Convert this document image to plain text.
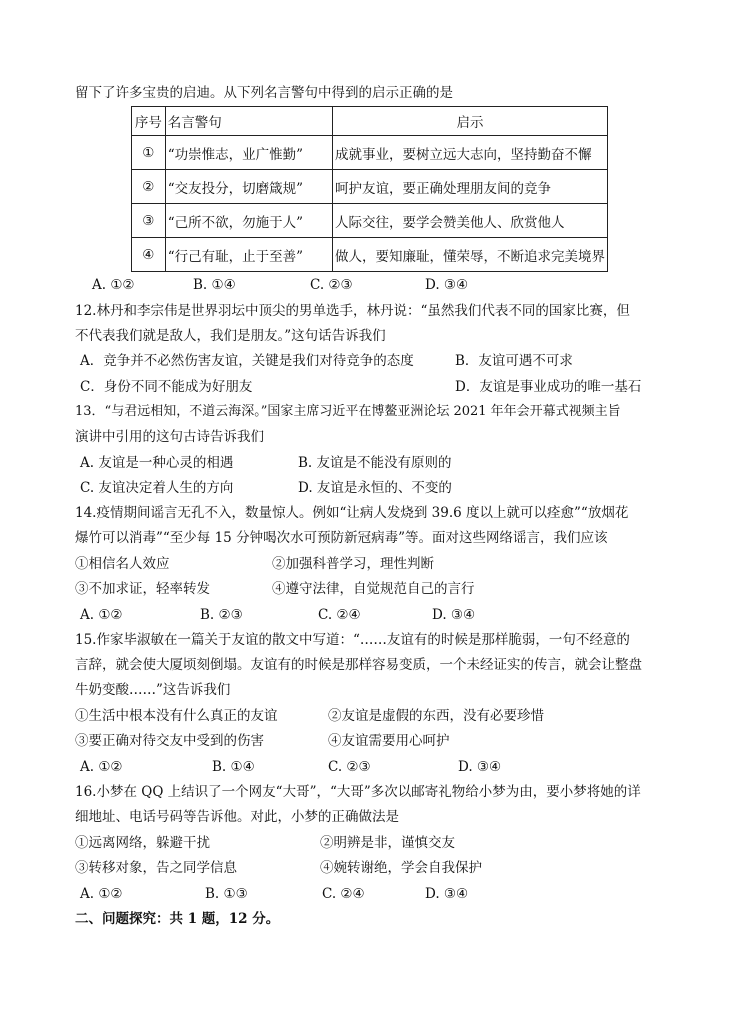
留下了许多宝贵的启迪。从下列名言警句中得到的启示正确的是
序号	名言警句	启示
①	“功崇惟志，业广惟勤”	成就事业，要树立远大志向，坚持勤奋不懈
②	“交友投分，切磨箴规”	呵护友谊，要正确处理朋友间的竞争
③	“己所不欲，勿施于人”	人际交往，要学会赞美他人、欣赏他人
④	“行己有耻，止于至善”	做人，要知廉耻，懂荣辱，不断追求完美境界
A. ①②	B. ①④	C. ②③	D. ③④
12.林丹和李宗伟是世界羽坛中顶尖的男单选手，林丹说：“虽然我们代表不同的国家比赛，但
不代表我们就是敌人，我们是朋友。”这句话告诉我们
A．竞争并不必然伤害友谊，关键是我们对待竞争的态度	B．友谊可遇不可求
C．身份不同不能成为好朋友	D．友谊是事业成功的唯一基石
13．“与君远相知，不道云海深。”国家主席习近平在博鳌亚洲论坛 2021 年年会开幕式视频主旨
演讲中引用的这句古诗告诉我们
A. 友谊是一种心灵的相遇	B. 友谊是不能没有原则的
C. 友谊决定着人生的方向	D. 友谊是永恒的、不变的
14.疫情期间谣言无孔不入，数量惊人。例如“让病人发烧到 39.6 度以上就可以痊愈”“放烟花
爆竹可以消毒”“至少每 15 分钟喝次水可预防新冠病毒”等。面对这些网络谣言，我们应该
①相信名人效应	②加强科普学习，理性判断
③不加求证，轻率转发	④遵守法律，自觉规范自己的言行
A. ①②	B. ②③	C. ②④	D. ③④
15.作家毕淑敏在一篇关于友谊的散文中写道：“……友谊有的时候是那样脆弱，一句不经意的
言辞，就会使大厦顷刻倒塌。友谊有的时候是那样容易变质，一个未经证实的传言，就会让整盘
牛奶变酸……”这告诉我们
①生活中根本没有什么真正的友谊	②友谊是虚假的东西，没有必要珍惜
③要正确对待交友中受到的伤害	④友谊需要用心呵护
A. ①②	B. ①④	C. ②③	D. ③④
16.小梦在 QQ 上结识了一个网友“大哥”，“大哥”多次以邮寄礼物给小梦为由，要小梦将她的详
细地址、电话号码等告诉他。对此，小梦的正确做法是
①远离网络，躲避干扰	②明辨是非，谨慎交友
③转移对象，告之同学信息	④婉转谢绝，学会自我保护
A. ①②	B. ①③	C. ②④	D. ③④
二、问题探究：共 1 题，12 分。
